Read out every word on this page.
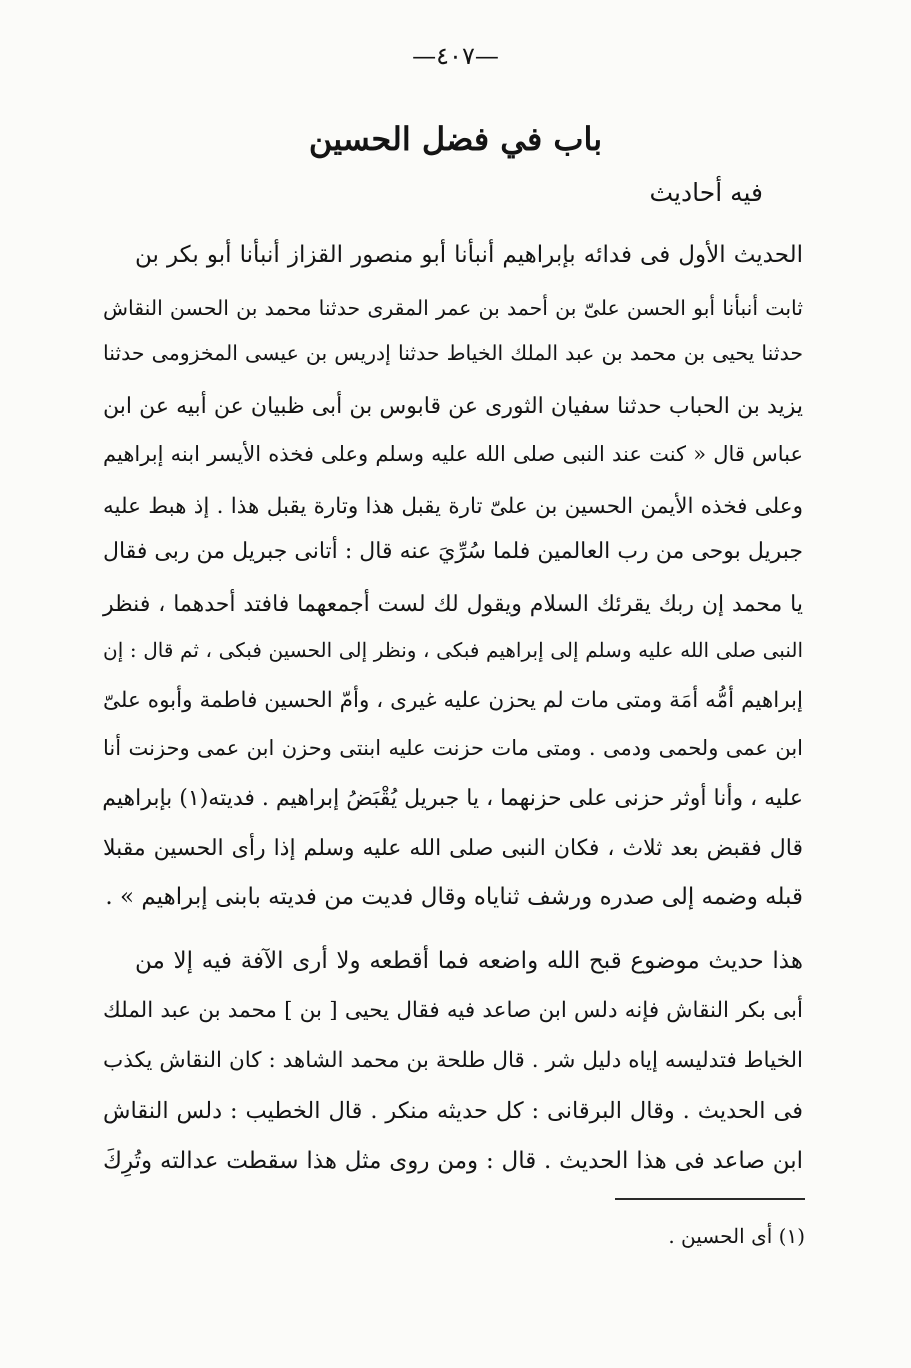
—٤٠٧—
باب في فضل الحسين
فيه أحاديث
الحديث الأول فى فدائه بإبراهيم أنبأنا أبو منصور القزاز أنبأنا أبو بكر بن
ثابت أنبأنا أبو الحسن علىّ بن أحمد بن عمر المقرى حدثنا محمد بن الحسن النقاش
حدثنا يحيى بن محمد بن عبد الملك الخياط حدثنا إدريس بن عيسى المخزومى حدثنا
يزيد بن الحباب حدثنا سفيان الثورى عن قابوس بن أبى ظبيان عن أبيه عن ابن
عباس قال « كنت عند النبى صلى الله عليه وسلم وعلى فخذه الأيسر ابنه إبراهيم
وعلى فخذه الأيمن الحسين بن علىّ تارة يقبل هذا وتارة يقبل هذا . إذ هبط عليه
جبريل بوحى من رب العالمين فلما سُرِّيَ عنه قال : أتانى جبريل من ربى فقال
يا محمد إن ربك يقرئك السلام ويقول لك لست أجمعهما فافتد أحدهما ، فنظر
النبى صلى الله عليه وسلم إلى إبراهيم فبكى ، ونظر إلى الحسين فبكى ، ثم قال : إن
إبراهيم أمُّه أمَة ومتى مات لم يحزن عليه غيرى ، وأمّ الحسين فاطمة وأبوه علىّ
ابن عمى ولحمى ودمى . ومتى مات حزنت عليه ابنتى وحزن ابن عمى وحزنت أنا
عليه ، وأنا أوثر حزنى على حزنهما ، يا جبريل يُقْبَضُ إبراهيم . فديته(١) بإبراهيم
قال فقبض بعد ثلاث ، فكان النبى صلى الله عليه وسلم إذا رأى الحسين مقبلا
قبله وضمه إلى صدره ورشف ثناياه وقال فديت من فديته بابنى إبراهيم » .
هذا حديث موضوع قبح الله واضعه فما أقطعه ولا أرى الآفة فيه إلا من
أبى بكر النقاش فإنه دلس ابن صاعد فيه فقال يحيى [ بن ] محمد بن عبد الملك
الخياط فتدليسه إياه دليل شر . قال طلحة بن محمد الشاهد : كان النقاش يكذب
فى الحديث . وقال البرقانى : كل حديثه منكر . قال الخطيب : دلس النقاش
ابن صاعد فى هذا الحديث . قال : ومن روى مثل هذا سقطت عدالته وتُرِكَ
(١) أى الحسين .
